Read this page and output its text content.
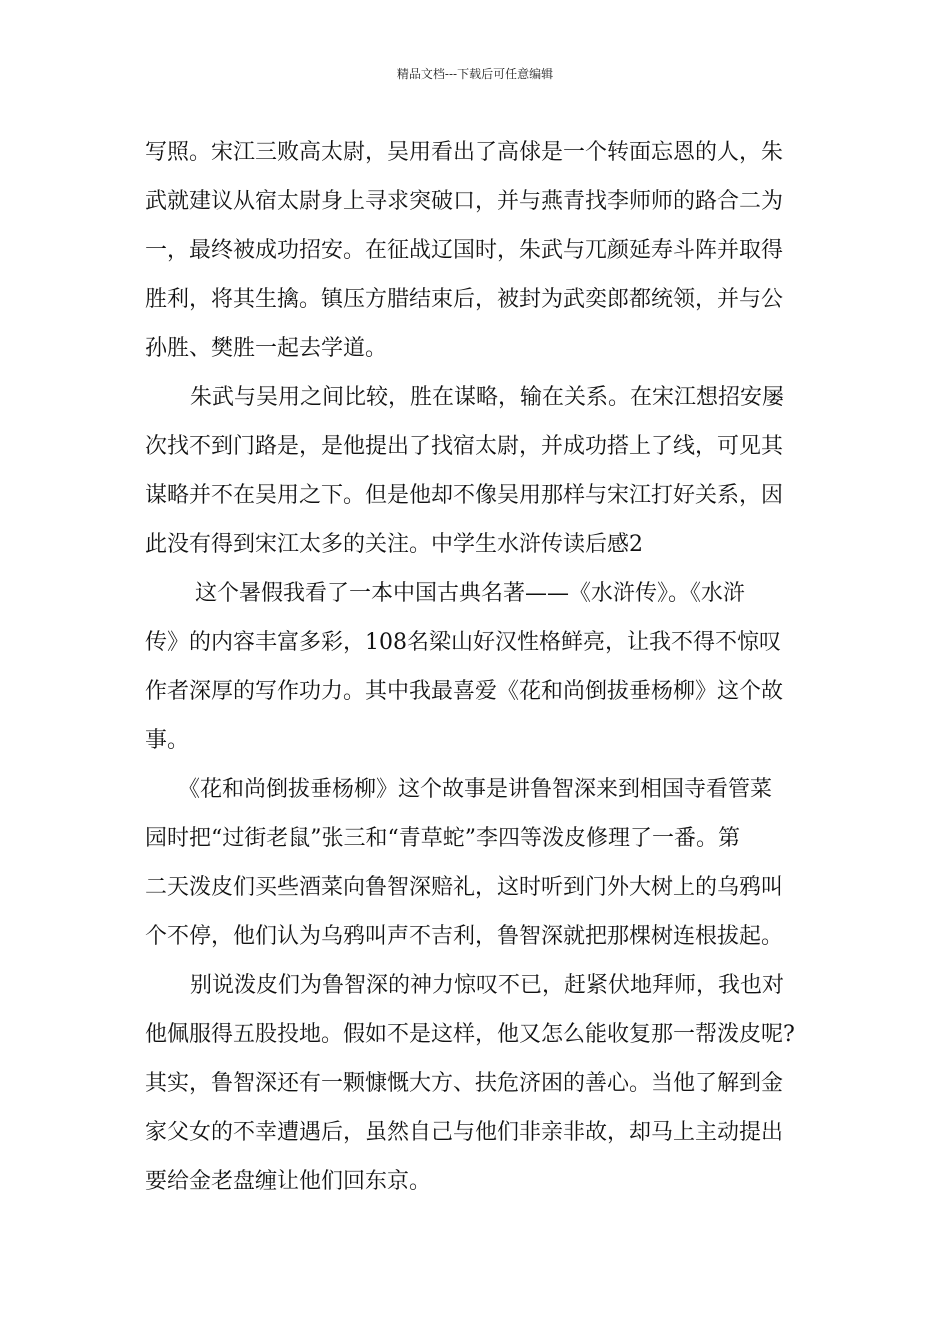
精品文档---下载后可任意编辑
写照。宋江三败高太尉，吴用看出了高俅是一个转面忘恩的人，朱
武就建议从宿太尉身上寻求突破口，并与燕青找李师师的路合二为
一，最终被成功招安。在征战辽国时，朱武与兀颜延寿斗阵并取得
胜利，将其生擒。镇压方腊结束后，被封为武奕郎都统领，并与公
孙胜、樊胜一起去学道。
朱武与吴用之间比较，胜在谋略，输在关系。在宋江想招安屡
次找不到门路是，是他提出了找宿太尉，并成功搭上了线，可见其
谋略并不在吴用之下。但是他却不像吴用那样与宋江打好关系，因
此没有得到宋江太多的关注。中学生水浒传读后感2
这个暑假我看了一本中国古典名著——《水浒传》。《水浒
传》的内容丰富多彩，108名梁山好汉性格鲜亮，让我不得不惊叹
作者深厚的写作功力。其中我最喜爱《花和尚倒拔垂杨柳》这个故
事。
《花和尚倒拔垂杨柳》这个故事是讲鲁智深来到相国寺看管菜
园时把“过街老鼠”张三和“青草蛇”李四等泼皮修理了一番。第
二天泼皮们买些酒菜向鲁智深赔礼，这时听到门外大树上的乌鸦叫
个不停，他们认为乌鸦叫声不吉利，鲁智深就把那棵树连根拔起。
别说泼皮们为鲁智深的神力惊叹不已，赶紧伏地拜师，我也对
他佩服得五股投地。假如不是这样，他又怎么能收复那一帮泼皮呢?
其实，鲁智深还有一颗慷慨大方、扶危济困的善心。当他了解到金
家父女的不幸遭遇后，虽然自己与他们非亲非故，却马上主动提出
要给金老盘缠让他们回东京。
